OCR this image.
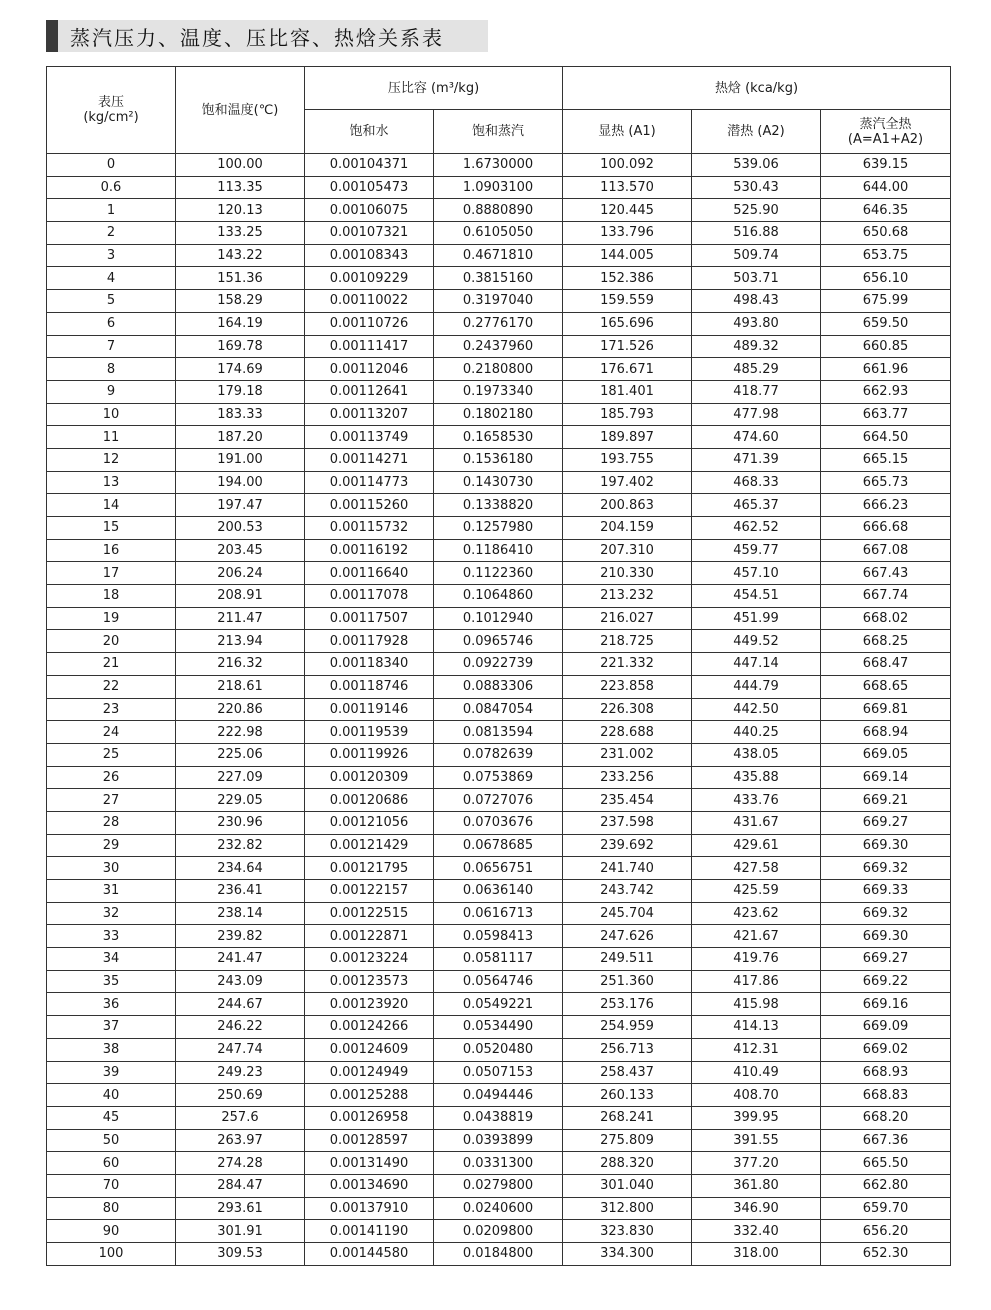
蒸汽压力、温度、压比容、热焓关系表
表压
(kg/cm²)	饱和温度(℃)	压比容 (m³/kg)		热焓 (kca/kg)		
		饱和水	饱和蒸汽	显热 (A1)	潜热 (A2)	蒸汽全热
(A=A1+A2)

0	100.00	0.00104371	1.6730000	100.092	539.06	639.15
0.6	113.35	0.00105473	1.0903100	113.570	530.43	644.00
1	120.13	0.00106075	0.8880890	120.445	525.90	646.35
2	133.25	0.00107321	0.6105050	133.796	516.88	650.68
3	143.22	0.00108343	0.4671810	144.005	509.74	653.75
4	151.36	0.00109229	0.3815160	152.386	503.71	656.10
5	158.29	0.00110022	0.3197040	159.559	498.43	675.99
6	164.19	0.00110726	0.2776170	165.696	493.80	659.50
7	169.78	0.00111417	0.2437960	171.526	489.32	660.85
8	174.69	0.00112046	0.2180800	176.671	485.29	661.96
9	179.18	0.00112641	0.1973340	181.401	418.77	662.93
10	183.33	0.00113207	0.1802180	185.793	477.98	663.77
11	187.20	0.00113749	0.1658530	189.897	474.60	664.50
12	191.00	0.00114271	0.1536180	193.755	471.39	665.15
13	194.00	0.00114773	0.1430730	197.402	468.33	665.73
14	197.47	0.00115260	0.1338820	200.863	465.37	666.23
15	200.53	0.00115732	0.1257980	204.159	462.52	666.68
16	203.45	0.00116192	0.1186410	207.310	459.77	667.08
17	206.24	0.00116640	0.1122360	210.330	457.10	667.43
18	208.91	0.00117078	0.1064860	213.232	454.51	667.74
19	211.47	0.00117507	0.1012940	216.027	451.99	668.02
20	213.94	0.00117928	0.0965746	218.725	449.52	668.25
21	216.32	0.00118340	0.0922739	221.332	447.14	668.47
22	218.61	0.00118746	0.0883306	223.858	444.79	668.65
23	220.86	0.00119146	0.0847054	226.308	442.50	669.81
24	222.98	0.00119539	0.0813594	228.688	440.25	668.94
25	225.06	0.00119926	0.0782639	231.002	438.05	669.05
26	227.09	0.00120309	0.0753869	233.256	435.88	669.14
27	229.05	0.00120686	0.0727076	235.454	433.76	669.21
28	230.96	0.00121056	0.0703676	237.598	431.67	669.27
29	232.82	0.00121429	0.0678685	239.692	429.61	669.30
30	234.64	0.00121795	0.0656751	241.740	427.58	669.32
31	236.41	0.00122157	0.0636140	243.742	425.59	669.33
32	238.14	0.00122515	0.0616713	245.704	423.62	669.32
33	239.82	0.00122871	0.0598413	247.626	421.67	669.30
34	241.47	0.00123224	0.0581117	249.511	419.76	669.27
35	243.09	0.00123573	0.0564746	251.360	417.86	669.22
36	244.67	0.00123920	0.0549221	253.176	415.98	669.16
37	246.22	0.00124266	0.0534490	254.959	414.13	669.09
38	247.74	0.00124609	0.0520480	256.713	412.31	669.02
39	249.23	0.00124949	0.0507153	258.437	410.49	668.93
40	250.69	0.00125288	0.0494446	260.133	408.70	668.83
45	257.6	0.00126958	0.0438819	268.241	399.95	668.20
50	263.97	0.00128597	0.0393899	275.809	391.55	667.36
60	274.28	0.00131490	0.0331300	288.320	377.20	665.50
70	284.47	0.00134690	0.0279800	301.040	361.80	662.80
80	293.61	0.00137910	0.0240600	312.800	346.90	659.70
90	301.91	0.00141190	0.0209800	323.830	332.40	656.20
100	309.53	0.00144580	0.0184800	334.300	318.00	652.30
